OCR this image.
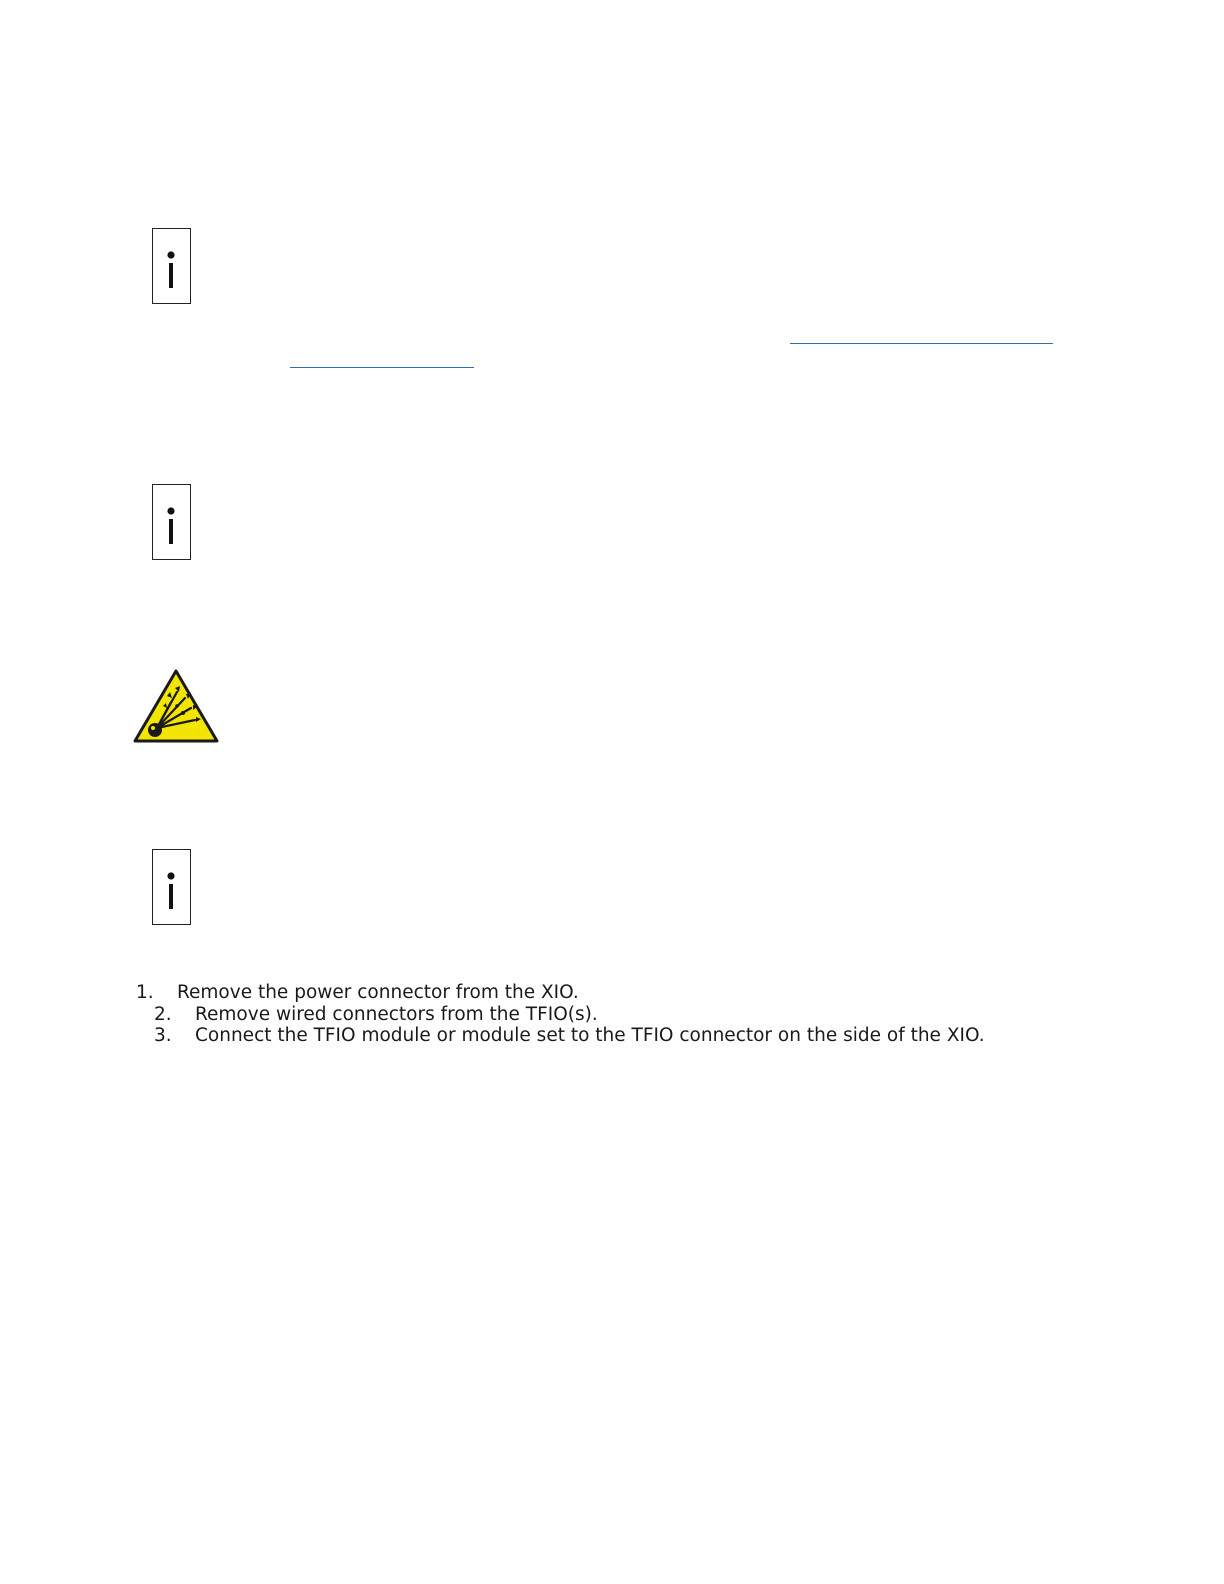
1. Remove the power connector from the XIO.
2. Remove wired connectors from the TFIO(s).
3. Connect the TFIO module or module set to the TFIO connector on the side of the XIO.
